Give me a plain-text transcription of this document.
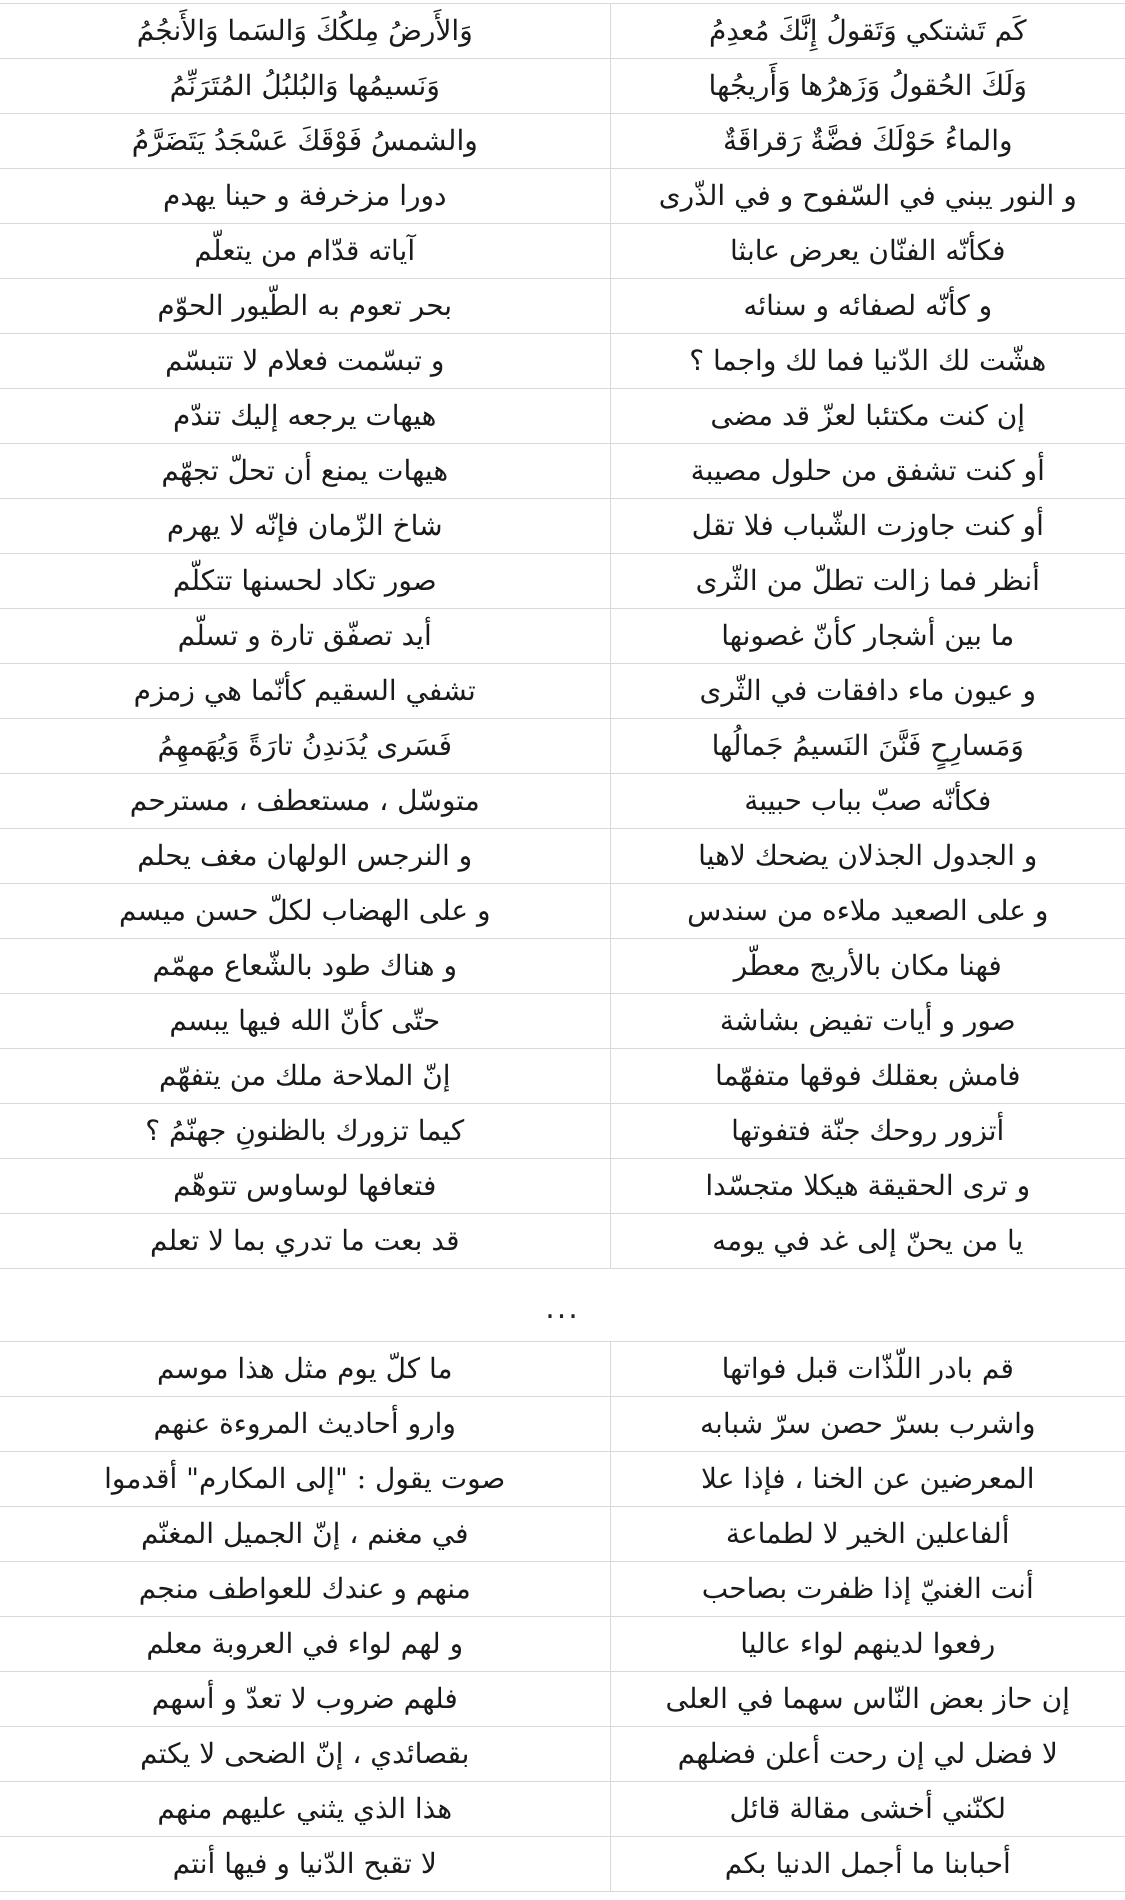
كَم تَشتكي وَتَقولُ إِنَّكَ مُعدِمُ	وَالأَرضُ مِلكُكَ وَالسَما وَالأَنجُمُ
وَلَكَ الحُقولُ وَزَهرُها وَأَريجُها	وَنَسيمُها وَالبُلبُلُ المُتَرَنِّمُ
والماءُ حَوْلَكَ فضَّةٌ رَقراقَةٌ	والشمسُ فَوْقَكَ عَسْجَدُ يَتَضَرَّمُ
و النور يبني في السّفوح و في الذّرى	دورا مزخرفة و حينا يهدم
فكأنّه الفنّان يعرض عابثا	آياته قدّام من يتعلّم
و كأنّه لصفائه و سنائه	بحر تعوم به الطّيور الحوّم
هشّت لك الدّنيا فما لك واجما ؟	و تبسّمت فعلام لا تتبسّم
إن كنت مكتئبا لعزّ قد مضى	هيهات يرجعه إليك تندّم
أو كنت تشفق من حلول مصيبة	هيهات يمنع أن تحلّ تجهّم
أو كنت جاوزت الشّباب فلا تقل	شاخ الزّمان فإنّه لا يهرم
أنظر فما زالت تطلّ من الثّرى	صور تكاد لحسنها تتكلّم
ما بين أشجار كأنّ غصونها	أيد تصفّق تارة و تسلّم
و عيون ماء دافقات في الثّرى	تشفي السقيم كأنّما هي زمزم
وَمَسارِحٍ فَنَّنَ النَسيمُ جَمالُها	فَسَرى يُدَندِنُ تارَةً وَيُهَمهِمُ
فكأنّه صبّ بباب حبيبة	متوسّل ، مستعطف ، مسترحم
و الجدول الجذلان يضحك لاهيا	و النرجس الولهان مغف يحلم
و على الصعيد ملاءه من سندس	و على الهضاب لكلّ حسن ميسم
فهنا مكان بالأريج معطّر	و هناك طود بالشّعاع مهمّم
صور و أيات تفيض بشاشة	حتّى كأنّ الله فيها يبسم
فامش بعقلك فوقها متفهّما	إنّ الملاحة ملك من يتفهّم
أتزور روحك جنّة فتفوتها	كيما تزورك بالظنونِ جهنّمُ ؟
و ترى الحقيقة هيكلا متجسّدا	فتعافها لوساوس تتوهّم
يا من يحنّ إلى غد في يومه	قد بعت ما تدري بما لا تعلم
...
قم بادر اللّذّات قبل فواتها	ما كلّ يوم مثل هذا موسم
واشرب بسرّ حصن سرّ شبابه	وارو أحاديث المروءة عنهم
المعرضين عن الخنا ، فإذا علا	صوت يقول : "إلى المكارم" أقدموا
ألفاعلين الخير لا لطماعة	في مغنم ، إنّ الجميل المغنّم
أنت الغنيّ إذا ظفرت بصاحب	منهم و عندك للعواطف منجم
رفعوا لدينهم لواء عاليا	و لهم لواء في العروبة معلم
إن حاز بعض النّاس سهما في العلى	فلهم ضروب لا تعدّ و أسهم
لا فضل لي إن رحت أعلن فضلهم	بقصائدي ، إنّ الضحى لا يكتم
لكنّني أخشى مقالة قائل	هذا الذي يثني عليهم منهم
أحبابنا ما أجمل الدنيا بكم	لا تقبح الدّنيا و فيها أنتم
